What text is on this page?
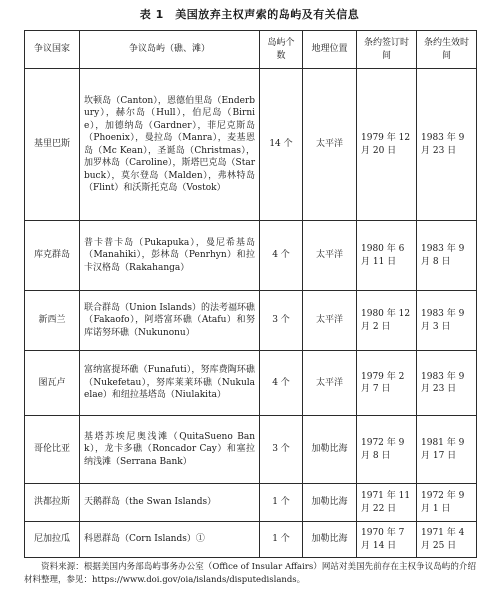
表 1　美国放弃主权声索的岛屿及有关信息
争议国家	争议岛屿（礁、滩）	岛屿个数	地理位置	条约签订时间	条约生效时间
基里巴斯	坎顿岛（Canton），恩德伯里岛（Enderbury），赫尔岛（Hull），伯尼岛（Birnie），加德纳岛（Gardner），菲尼克斯岛（Phoenix），曼拉岛（Manra），麦基恩岛（Mc Kean），圣诞岛（Christmas），加罗林岛（Caroline），斯塔巴克岛（Starbuck），莫尔登岛（Malden），弗林特岛（Flint）和沃斯托克岛（Vostok）	14 个	太平洋	1979 年 12 月 20 日	1983 年 9 月 23 日
库克群岛	普卡普卡岛（Pukapuka），曼尼希基岛（Manahiki），彭林岛（Penrhyn）和拉卡汉格岛（Rakahanga）	4 个	太平洋	1980 年 6 月 11 日	1983 年 9 月 8 日
新西兰	联合群岛（Union Islands）的法考福环礁（Fakaofo），阿塔富环礁（Atafu）和努库诺努环礁（Nukunonu）	3 个	太平洋	1980 年 12 月 2 日	1983 年 9 月 3 日
图瓦卢	富纳富提环礁（Funafuti），努库费陶环礁（Nukefetau），努库莱莱环礁（Nukulaelae）和纽拉基塔岛（Niulakita）	4 个	太平洋	1979 年 2 月 7 日	1983 年 9 月 23 日
哥伦比亚	基塔苏埃尼奥浅滩（QuitaSueno Bank），龙卡多礁（Roncador Cay）和塞拉纳浅滩（Serrana Bank）	3 个	加勒比海	1972 年 9 月 8 日	1981 年 9 月 17 日
洪都拉斯	天鹅群岛（the Swan Islands）	1 个	加勒比海	1971 年 11 月 22 日	1972 年 9 月 1 日
尼加拉瓜	科恩群岛（Corn Islands）①	1 个	加勒比海	1970 年 7 月 14 日	1971 年 4 月 25 日
资料来源：根据美国内务部岛屿事务办公室（Office of Insular Affairs）网站对美国先前存在主权争议岛屿的介绍材料整理，参见：https://www.doi.gov/oia/islands/disputedislands。
